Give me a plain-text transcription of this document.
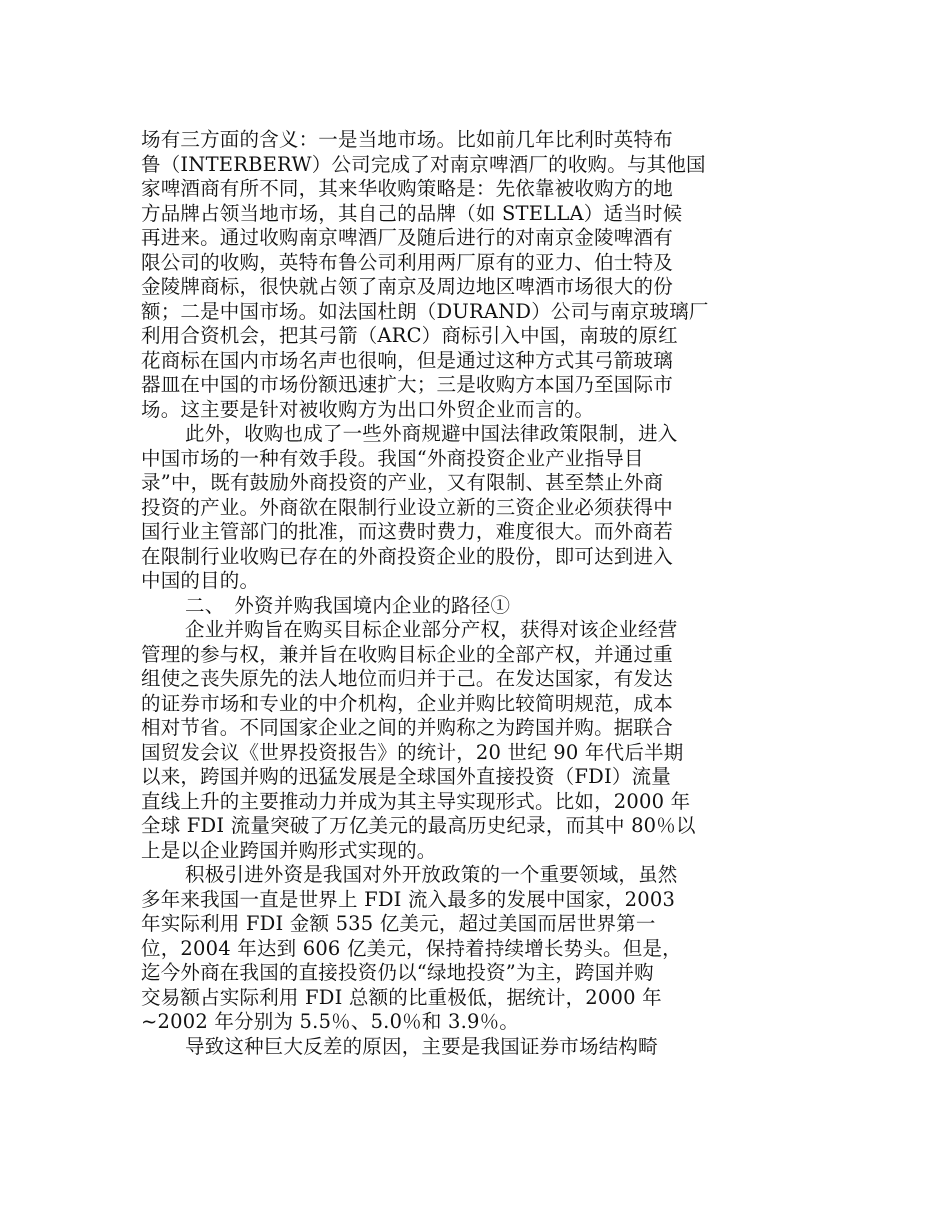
场有三方面的含义：一是当地市场。比如前几年比利时英特布
鲁（INTERBERW）公司完成了对南京啤酒厂的收购。与其他国
家啤酒商有所不同，其来华收购策略是：先依靠被收购方的地
方品牌占领当地市场，其自己的品牌（如 STELLA）适当时候
再进来。通过收购南京啤酒厂及随后进行的对南京金陵啤酒有
限公司的收购，英特布鲁公司利用两厂原有的亚力、伯士特及
金陵牌商标，很快就占领了南京及周边地区啤酒市场很大的份
额；二是中国市场。如法国杜朗（DURAND）公司与南京玻璃厂
利用合资机会，把其弓箭（ARC）商标引入中国，南玻的原红
花商标在国内市场名声也很响，但是通过这种方式其弓箭玻璃
器皿在中国的市场份额迅速扩大；三是收购方本国乃至国际市
场。这主要是针对被收购方为出口外贸企业而言的。
此外，收购也成了一些外商规避中国法律政策限制，进入
中国市场的一种有效手段。我国“外商投资企业产业指导目
录”中，既有鼓励外商投资的产业，又有限制、甚至禁止外商
投资的产业。外商欲在限制行业设立新的三资企业必须获得中
国行业主管部门的批准，而这费时费力，难度很大。而外商若
在限制行业收购已存在的外商投资企业的股份，即可达到进入
中国的目的。
二、　外资并购我国境内企业的路径①
企业并购旨在购买目标企业部分产权，获得对该企业经营
管理的参与权，兼并旨在收购目标企业的全部产权，并通过重
组使之丧失原先的法人地位而归并于己。在发达国家，有发达
的证券市场和专业的中介机构，企业并购比较简明规范，成本
相对节省。不同国家企业之间的并购称之为跨国并购。据联合
国贸发会议《世界投资报告》的统计，20 世纪 90 年代后半期
以来，跨国并购的迅猛发展是全球国外直接投资（FDI）流量
直线上升的主要推动力并成为其主导实现形式。比如，2000 年
全球 FDI 流量突破了万亿美元的最高历史纪录，而其中 80％以
上是以企业跨国并购形式实现的。
积极引进外资是我国对外开放政策的一个重要领域，虽然
多年来我国一直是世界上 FDI 流入最多的发展中国家，2003
年实际利用 FDI 金额 535 亿美元，超过美国而居世界第一
位，2004 年达到 606 亿美元，保持着持续增长势头。但是，
迄今外商在我国的直接投资仍以“绿地投资”为主，跨国并购
交易额占实际利用 FDI 总额的比重极低，据统计，2000 年
~2002 年分别为 5.5％、5.0％和 3.9％。
导致这种巨大反差的原因，主要是我国证券市场结构畸
